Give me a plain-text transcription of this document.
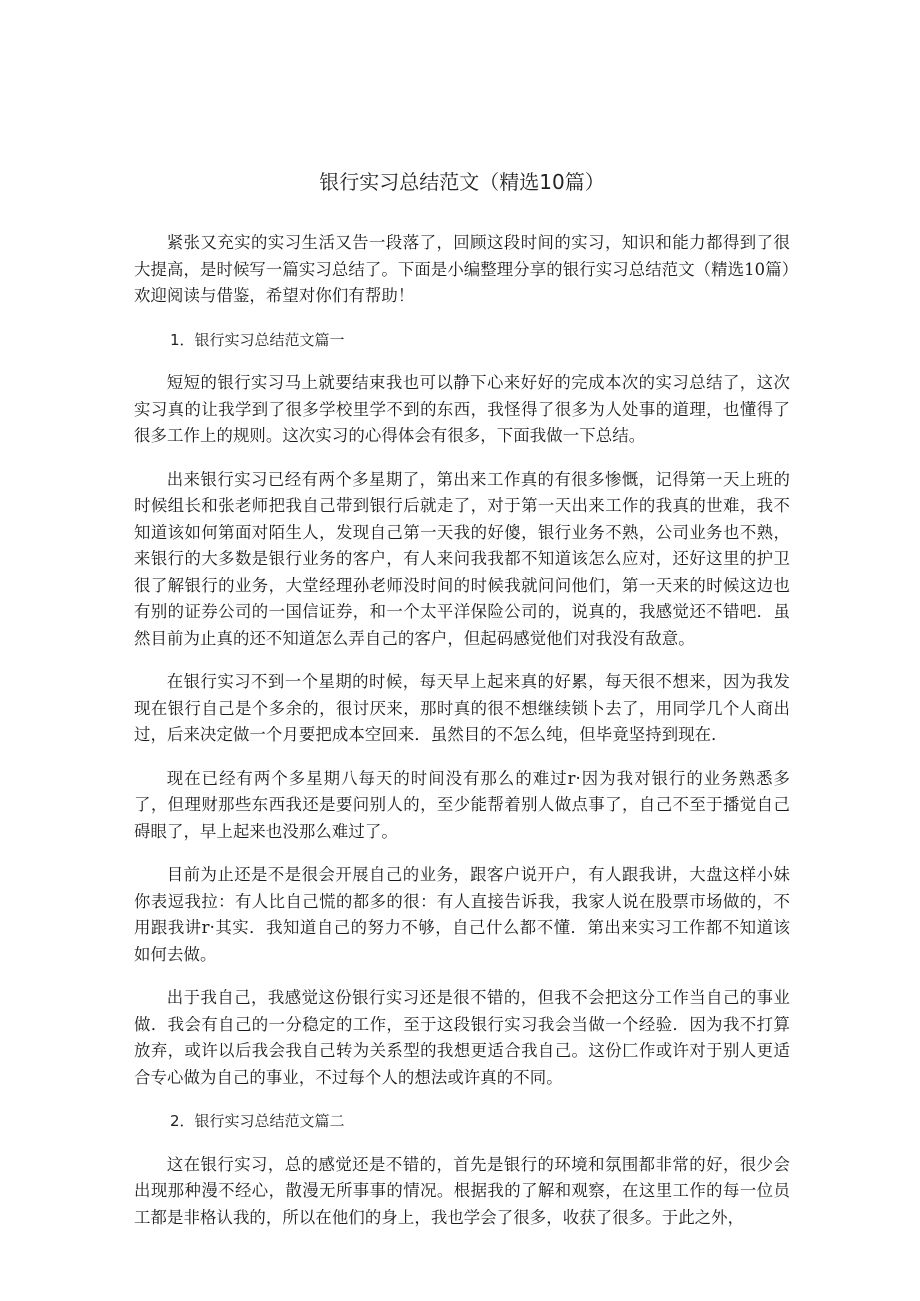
银行实习总结范文（精选10篇）

紧张又充实的实习生活又告一段落了，回顾这段时间的实习，知识和能力都得到了很大提高，是时候写一篇实习总结了。下面是小编整理分享的银行实习总结范文（精选10篇）欢迎阅读与借鉴，希望对你们有帮助！

1．银行实习总结范文篇一

短短的银行实习马上就要结束我也可以静下心来好好的完成本次的实习总结了，这次实习真的让我学到了很多学校里学不到的东西，我怪得了很多为人处事的道理，也懂得了很多工作上的规则。这次实习的心得体会有很多，下面我做一下总结。

出来银行实习已经有两个多星期了，第出来工作真的有很多惨慨，记得第一天上班的时候组长和张老师把我自己带到银行后就走了，对于第一天出来工作的我真的世难，我不知道该如何第面对陌生人，发现自己第一天我的好傻，银行业务不熟，公司业务也不熟，来银行的大多数是银行业务的客户，有人来问我我都不知道该怎么应对，还好这里的护卫很了解银行的业务，大堂经理孙老师没时间的时候我就问问他们，第一天来的时候这边也有别的证券公司的一国信证券，和一个太平洋保险公司的，说真的，我感觉还不错吧．虽然目前为止真的还不知道怎么弄自己的客户，但起码感觉他们对我没有敌意。

在银行实习不到一个星期的时候，每天早上起来真的好累，每天很不想来，因为我发现在银行自己是个多余的，很讨厌来，那时真的很不想继续锁卜去了，用同学几个人商出过，后来决定做一个月要把成本空回来．虽然目的不怎么纯，但毕竟坚持到现在．

现在已经有两个多星期八每天的时间没有那么的难过r·因为我对银行的业务熟悉多了，但理财那些东西我还是要问别人的，至少能帮着别人做点事了，自己不至于播觉自己碍眼了，早上起来也没那么难过了。

目前为止还是不是很会开展自己的业务，跟客户说开户，有人跟我讲，大盘这样小妹你表逗我拉：有人比自己慌的都多的很：有人直接告诉我，我家人说在股票市场做的，不用跟我讲r·其实．我知道自己的努力不够，自己什么都不懂．第出来实习工作都不知道该如何去做。

出于我自己，我感觉这份银行实习还是很不错的，但我不会把这分工作当自己的事业做．我会有自己的一分稳定的工作，至于这段银行实习我会当做一个经验．因为我不打算放弃，或许以后我会我自己转为关系型的我想更适合我自己。这份匚作或许对于别人更适合专心做为自己的事业，不过每个人的想法或许真的不同。

2．银行实习总结范文篇二

这在银行实习，总的感觉还是不错的，首先是银行的环境和氛围都非常的好，很少会出现那种漫不经心，散漫无所事事的情况。根据我的了解和观察，在这里工作的每一位员工都是非格认我的，所以在他们的身上，我也学会了很多，收获了很多。于此之外，
